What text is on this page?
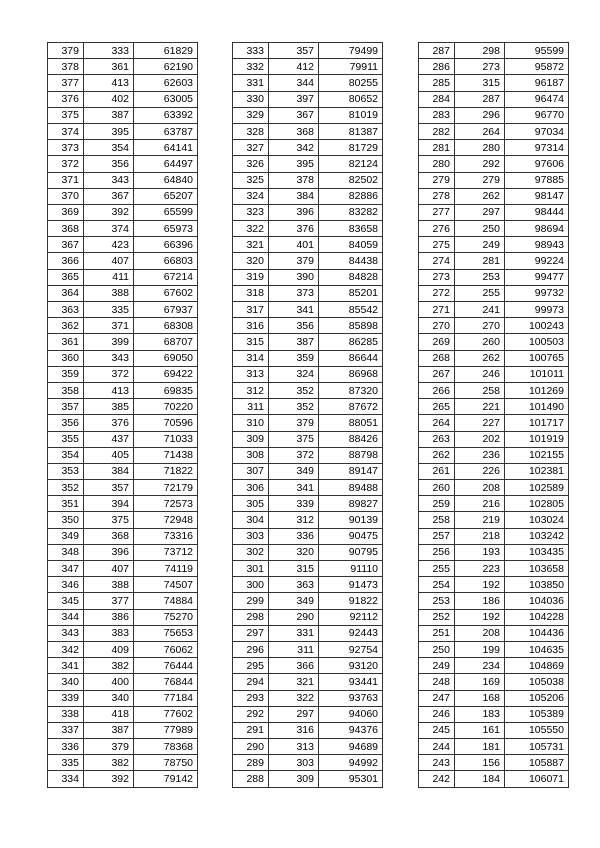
379	333	61829
378	361	62190
377	413	62603
376	402	63005
375	387	63392
374	395	63787
373	354	64141
372	356	64497
371	343	64840
370	367	65207
369	392	65599
368	374	65973
367	423	66396
366	407	66803
365	411	67214
364	388	67602
363	335	67937
362	371	68308
361	399	68707
360	343	69050
359	372	69422
358	413	69835
357	385	70220
356	376	70596
355	437	71033
354	405	71438
353	384	71822
352	357	72179
351	394	72573
350	375	72948
349	368	73316
348	396	73712
347	407	74119
346	388	74507
345	377	74884
344	386	75270
343	383	75653
342	409	76062
341	382	76444
340	400	76844
339	340	77184
338	418	77602
337	387	77989
336	379	78368
335	382	78750
334	392	79142
333	357	79499
332	412	79911
331	344	80255
330	397	80652
329	367	81019
328	368	81387
327	342	81729
326	395	82124
325	378	82502
324	384	82886
323	396	83282
322	376	83658
321	401	84059
320	379	84438
319	390	84828
318	373	85201
317	341	85542
316	356	85898
315	387	86285
314	359	86644
313	324	86968
312	352	87320
311	352	87672
310	379	88051
309	375	88426
308	372	88798
307	349	89147
306	341	89488
305	339	89827
304	312	90139
303	336	90475
302	320	90795
301	315	91110
300	363	91473
299	349	91822
298	290	92112
297	331	92443
296	311	92754
295	366	93120
294	321	93441
293	322	93763
292	297	94060
291	316	94376
290	313	94689
289	303	94992
288	309	95301
287	298	95599
286	273	95872
285	315	96187
284	287	96474
283	296	96770
282	264	97034
281	280	97314
280	292	97606
279	279	97885
278	262	98147
277	297	98444
276	250	98694
275	249	98943
274	281	99224
273	253	99477
272	255	99732
271	241	99973
270	270	100243
269	260	100503
268	262	100765
267	246	101011
266	258	101269
265	221	101490
264	227	101717
263	202	101919
262	236	102155
261	226	102381
260	208	102589
259	216	102805
258	219	103024
257	218	103242
256	193	103435
255	223	103658
254	192	103850
253	186	104036
252	192	104228
251	208	104436
250	199	104635
249	234	104869
248	169	105038
247	168	105206
246	183	105389
245	161	105550
244	181	105731
243	156	105887
242	184	106071
